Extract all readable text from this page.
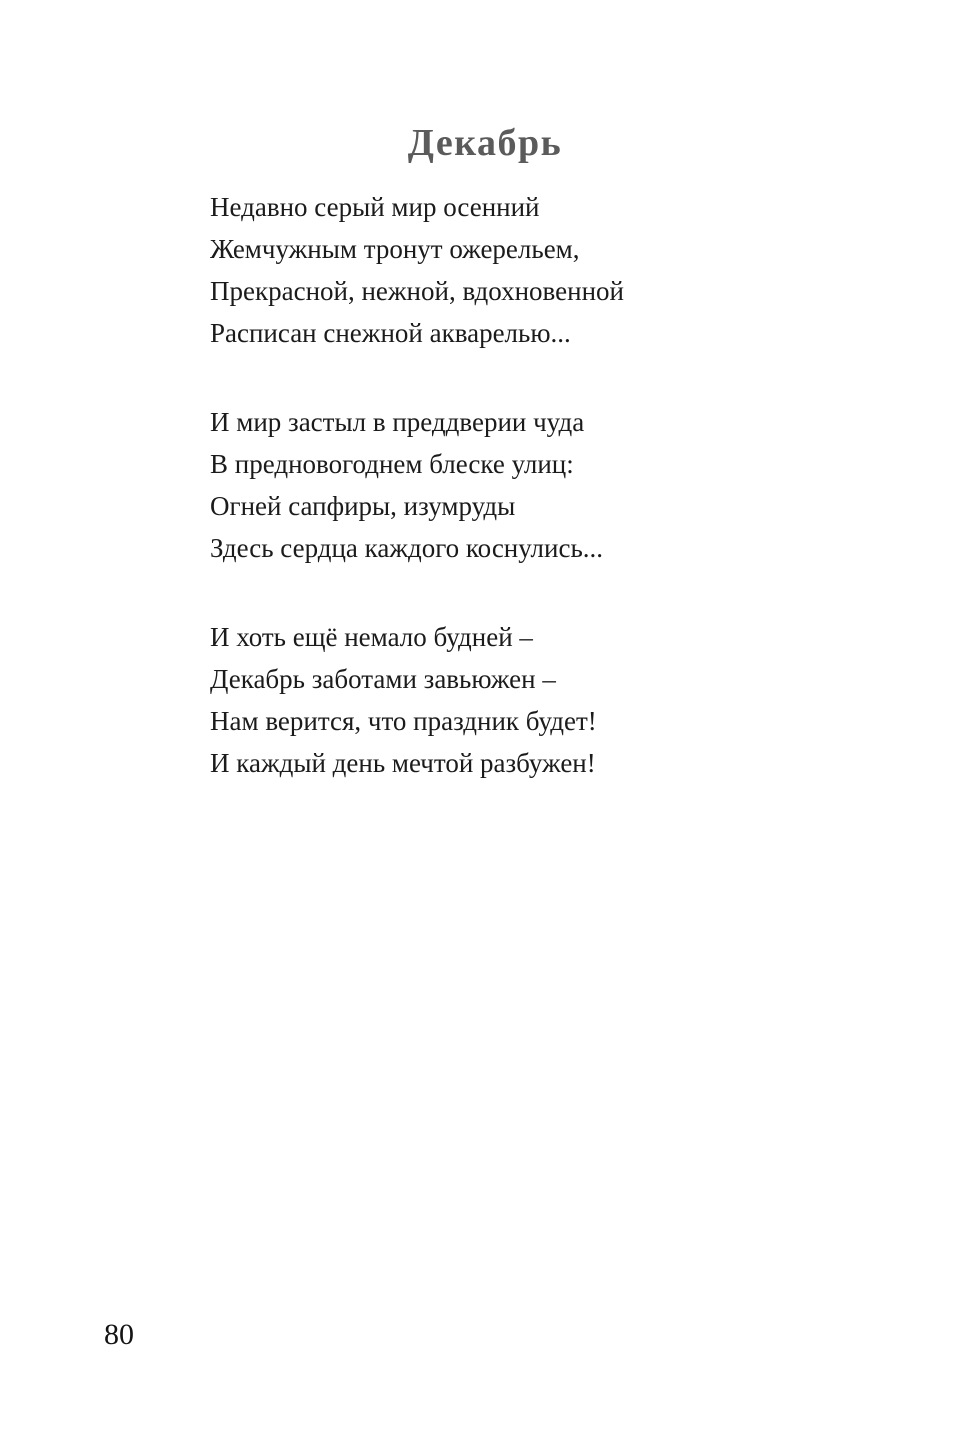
Декабрь
Недавно серый мир осенний
Жемчужным тронут ожерельем,
Прекрасной, нежной, вдохновенной
Расписан снежной акварелью...
И мир застыл в преддверии чуда
В предновогоднем блеске улиц:
Огней сапфиры, изумруды
Здесь сердца каждого коснулись...
И хоть ещё немало будней –
Декабрь заботами завьюжен –
Нам верится, что праздник будет!
И каждый день мечтой разбужен!
80
